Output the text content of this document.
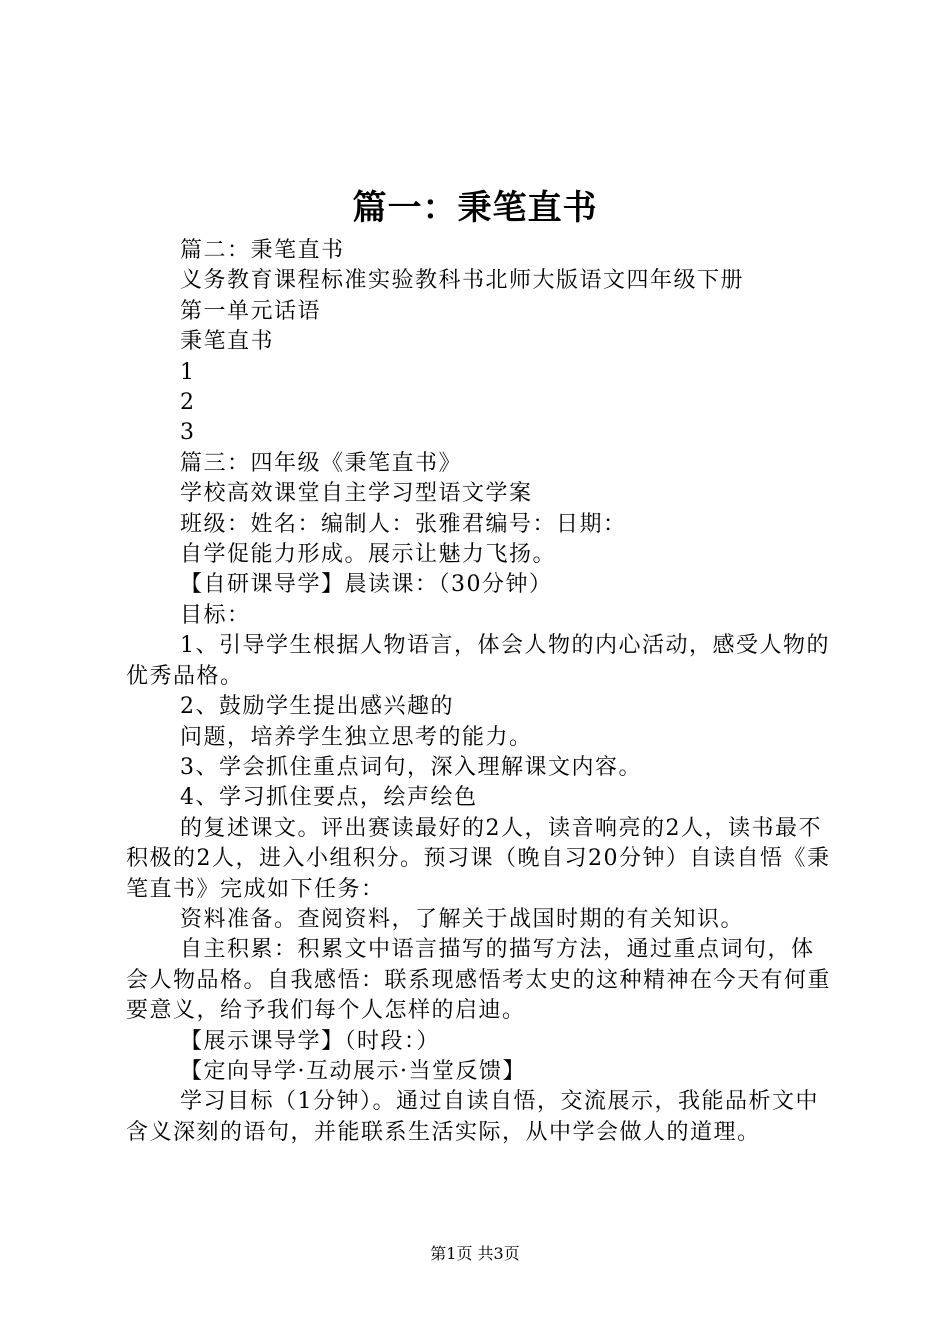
篇一：秉笔直书

篇二：秉笔直书

义务教育课程标准实验教科书北师大版语文四年级下册

第一单元话语

秉笔直书

1

2

3

篇三：四年级《秉笔直书》

学校高效课堂自主学习型语文学案

班级：姓名：编制人：张雅君编号：日期：

自学促能力形成。展示让魅力飞扬。

【自研课导学】晨读课：（30分钟）

目标：

1、引导学生根据人物语言，体会人物的内心活动，感受人物的优秀品格。

2、鼓励学生提出感兴趣的

问题，培养学生独立思考的能力。

3、学会抓住重点词句，深入理解课文内容。

4、学习抓住要点，绘声绘色

的复述课文。评出赛读最好的2人，读音响亮的2人，读书最不积极的2人，进入小组积分。预习课（晚自习20分钟）自读自悟《秉笔直书》完成如下任务：

资料准备。查阅资料，了解关于战国时期的有关知识。

自主积累：积累文中语言描写的描写方法，通过重点词句，体会人物品格。自我感悟：联系现感悟考太史的这种精神在今天有何重要意义，给予我们每个人怎样的启迪。

【展示课导学】（时段：）

【定向导学·互动展示·当堂反馈】

学习目标（1分钟）。通过自读自悟，交流展示，我能品析文中含义深刻的语句，并能联系生活实际，从中学会做人的道理。

第1页 共3页
